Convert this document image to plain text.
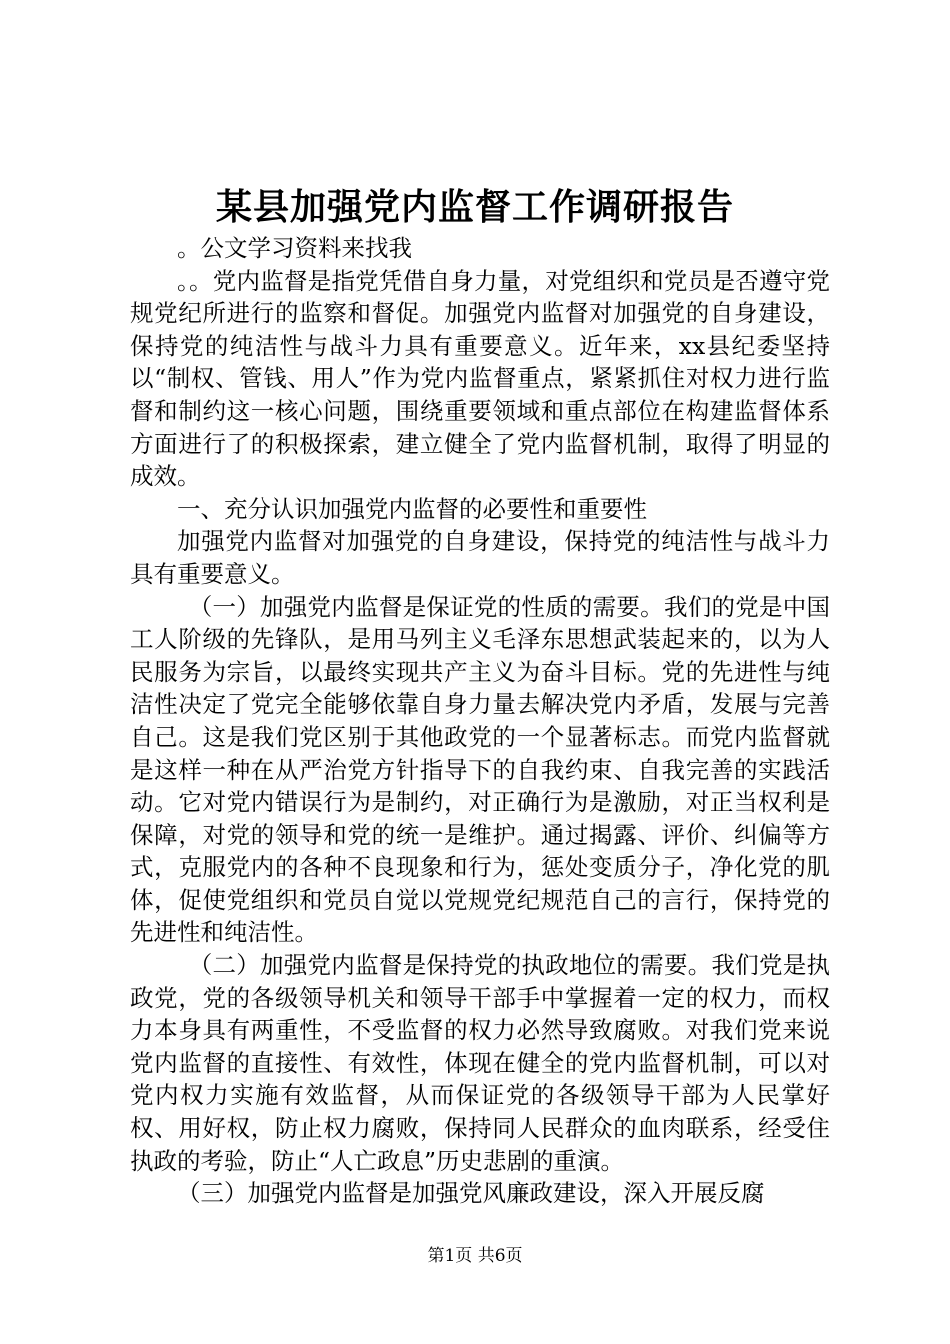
某县加强党内监督工作调研报告

。公文学习资料来找我

。。党内监督是指党凭借自身力量，对党组织和党员是否遵守党规党纪所进行的监察和督促。加强党内监督对加强党的自身建设，保持党的纯洁性与战斗力具有重要意义。近年来，xx县纪委坚持以“制权、管钱、用人”作为党内监督重点，紧紧抓住对权力进行监督和制约这一核心问题，围绕重要领域和重点部位在构建监督体系方面进行了的积极探索，建立健全了党内监督机制，取得了明显的成效。

一、充分认识加强党内监督的必要性和重要性

加强党内监督对加强党的自身建设，保持党的纯洁性与战斗力具有重要意义。

（一）加强党内监督是保证党的性质的需要。我们的党是中国工人阶级的先锋队，是用马列主义毛泽东思想武装起来的，以为人民服务为宗旨，以最终实现共产主义为奋斗目标。党的先进性与纯洁性决定了党完全能够依靠自身力量去解决党内矛盾，发展与完善自己。这是我们党区别于其他政党的一个显著标志。而党内监督就是这样一种在从严治党方针指导下的自我约束、自我完善的实践活动。它对党内错误行为是制约，对正确行为是激励，对正当权利是保障，对党的领导和党的统一是维护。通过揭露、评价、纠偏等方式，克服党内的各种不良现象和行为，惩处变质分子，净化党的肌体，促使党组织和党员自觉以党规党纪规范自己的言行，保持党的先进性和纯洁性。

（二）加强党内监督是保持党的执政地位的需要。我们党是执政党，党的各级领导机关和领导干部手中掌握着一定的权力，而权力本身具有两重性，不受监督的权力必然导致腐败。对我们党来说党内监督的直接性、有效性，体现在健全的党内监督机制，可以对党内权力实施有效监督，从而保证党的各级领导干部为人民掌好权、用好权，防止权力腐败，保持同人民群众的血肉联系，经受住执政的考验，防止“人亡政息”历史悲剧的重演。

（三）加强党内监督是加强党风廉政建设，深入开展反腐

第1页 共6页
